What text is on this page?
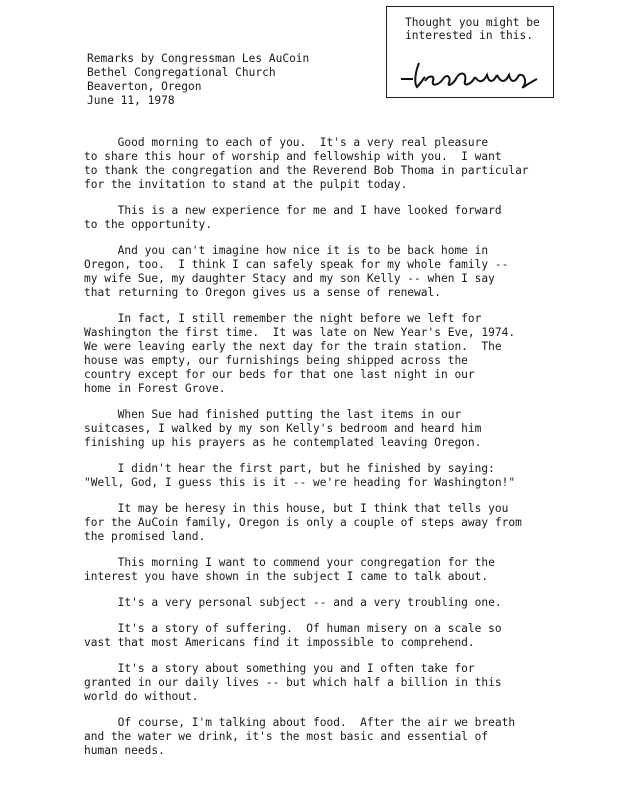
Thought you might be
interested in this.
Remarks by Congressman Les AuCoin
Bethel Congregational Church
Beaverton, Oregon
June 11, 1978
Good morning to each of you.  It's a very real pleasure
to share this hour of worship and fellowship with you.  I want
to thank the congregation and the Reverend Bob Thoma in particular
for the invitation to stand at the pulpit today.
This is a new experience for me and I have looked forward
to the opportunity.
And you can't imagine how nice it is to be back home in
Oregon, too.  I think I can safely speak for my whole family --
my wife Sue, my daughter Stacy and my son Kelly -- when I say
that returning to Oregon gives us a sense of renewal.
In fact, I still remember the night before we left for
Washington the first time.  It was late on New Year's Eve, 1974.
We were leaving early the next day for the train station.  The
house was empty, our furnishings being shipped across the
country except for our beds for that one last night in our
home in Forest Grove.
When Sue had finished putting the last items in our
suitcases, I walked by my son Kelly's bedroom and heard him
finishing up his prayers as he contemplated leaving Oregon.
I didn't hear the first part, but he finished by saying:
"Well, God, I guess this is it -- we're heading for Washington!"
It may be heresy in this house, but I think that tells you
for the AuCoin family, Oregon is only a couple of steps away from
the promised land.
This morning I want to commend your congregation for the
interest you have shown in the subject I came to talk about.
It's a very personal subject -- and a very troubling one.
It's a story of suffering.  Of human misery on a scale so
vast that most Americans find it impossible to comprehend.
It's a story about something you and I often take for
granted in our daily lives -- but which half a billion in this
world do without.
Of course, I'm talking about food.  After the air we breath
and the water we drink, it's the most basic and essential of
human needs.
